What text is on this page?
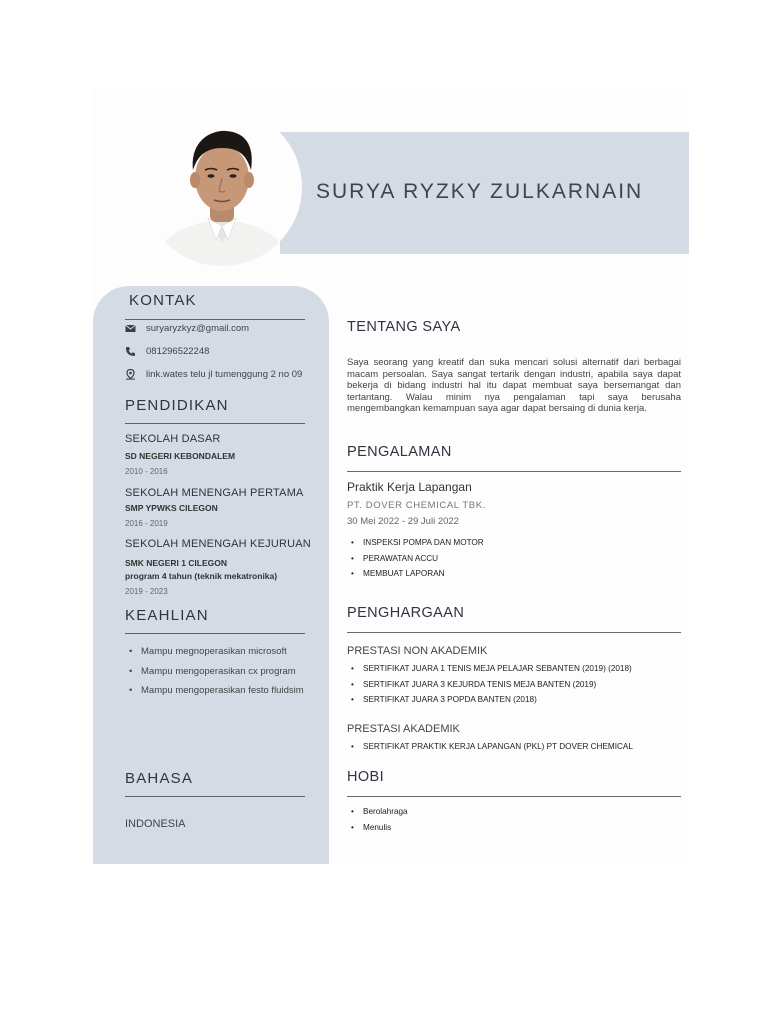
SURYA RYZKY ZULKARNAIN
KONTAK
suryaryzkyz@gmail.com
081296522248
link.wates telu jl tumenggung 2 no 09
PENDIDIKAN
SEKOLAH DASAR
SD NEGERI KEBONDALEM
2010 - 2016
SEKOLAH MENENGAH PERTAMA
SMP YPWKS CILEGON
2016 - 2019
SEKOLAH MENENGAH KEJURUAN
SMK NEGERI 1 CILEGON
program 4 tahun (teknik mekatronika)
2019 - 2023
KEAHLIAN
• Mampu megnoperasikan microsoft
• Mampu mengoperasikan cx program
• Mampu mengoperasikan festo fluidsim
BAHASA
INDONESIA
TENTANG SAYA
Saya seorang yang kreatif dan suka mencari solusi alternatif dari berbagai macam persoalan. Saya sangat tertarik dengan industri, apabila saya dapat bekerja di bidang industri hal itu dapat membuat saya bersemangat dan tertantang. Walau minim nya pengalaman tapi saya berusaha mengembangkan kemampuan saya agar dapat bersaing di dunia kerja.
PENGALAMAN
Praktik Kerja Lapangan
PT. DOVER CHEMICAL TBK.
30 Mei 2022 - 29 Juli 2022
• INSPEKSI POMPA DAN MOTOR
• PERAWATAN ACCU
• MEMBUAT LAPORAN
PENGHARGAAN
PRESTASI NON AKADEMIK
• SERTIFIKAT JUARA 1 TENIS MEJA PELAJAR SEBANTEN (2019) (2018)
• SERTIFIKAT JUARA 3 KEJURDA TENIS MEJA BANTEN (2019)
• SERTIFIKAT JUARA 3 POPDA BANTEN (2018)
PRESTASI AKADEMIK
• SERTIFIKAT PRAKTIK KERJA LAPANGAN (PKL) PT DOVER CHEMICAL
HOBI
• Berolahraga
• Menulis
